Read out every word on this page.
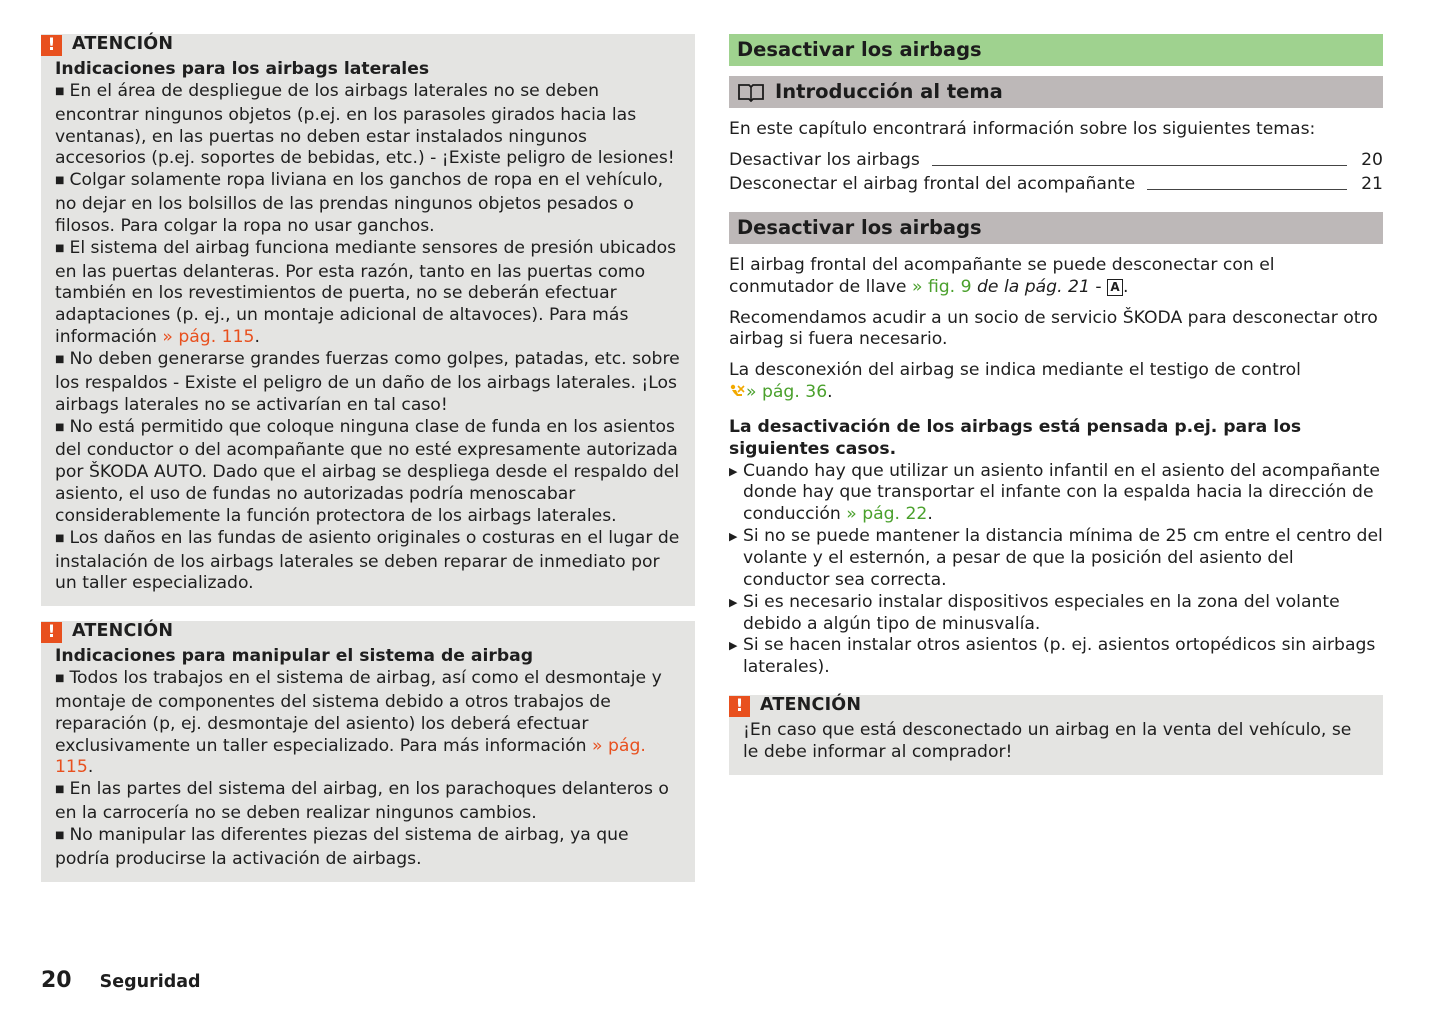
! ATENCIÓN

Indicaciones para los airbags laterales

■ En el área de despliegue de los airbags laterales no se deben encontrar ningunos objetos (p.ej. en los parasoles girados hacia las ventanas), en las puertas no deben estar instalados ningunos accesorios (p.ej. soportes de bebidas, etc.) - ¡Existe peligro de lesiones!

■ Colgar solamente ropa liviana en los ganchos de ropa en el vehículo, no dejar en los bolsillos de las prendas ningunos objetos pesados o filosos. Para colgar la ropa no usar ganchos.

■ El sistema del airbag funciona mediante sensores de presión ubicados en las puertas delanteras. Por esta razón, tanto en las puertas como también en los revestimientos de puerta, no se deberán efectuar adaptaciones (p. ej., un montaje adicional de altavoces). Para más información » pág. 115.

■ No deben generarse grandes fuerzas como golpes, patadas, etc. sobre los respaldos - Existe el peligro de un daño de los airbags laterales. ¡Los airbags laterales no se activarían en tal caso!

■ No está permitido que coloque ninguna clase de funda en los asientos del conductor o del acompañante que no esté expresamente autorizada por ŠKODA AUTO. Dado que el airbag se despliega desde el respaldo del asiento, el uso de fundas no autorizadas podría menoscabar considerablemente la función protectora de los airbags laterales.

■ Los daños en las fundas de asiento originales o costuras en el lugar de instalación de los airbags laterales se deben reparar de inmediato por un taller especializado.

! ATENCIÓN

Indicaciones para manipular el sistema de airbag

■ Todos los trabajos en el sistema de airbag, así como el desmontaje y montaje de componentes del sistema debido a otros trabajos de reparación (p, ej. desmontaje del asiento) los deberá efectuar exclusivamente un taller especializado. Para más información » pág. 115.

■ En las partes del sistema del airbag, en los parachoques delanteros o en la carrocería no se deben realizar ningunos cambios.

■ No manipular las diferentes piezas del sistema de airbag, ya que podría producirse la activación de airbags.

Desactivar los airbags
Introducción al tema

En este capítulo encontrará información sobre los siguientes temas:

Desactivar los airbags	20
Desconectar el airbag frontal del acompañante	21
Desactivar los airbags

El airbag frontal del acompañante se puede desconectar con el conmutador de llave » fig. 9 de la pág. 21 - A .

Recomendamos acudir a un socio de servicio ŠKODA para desconectar otro airbag si fuera necesario.

La desconexión del airbag se indica mediante el testigo de control
» pág. 36.

La desactivación de los airbags está pensada p.ej. para los siguientes casos.

▶ Cuando hay que utilizar un asiento infantil en el asiento del acompañante donde hay que transportar el infante con la espalda hacia la dirección de conducción » pág. 22.
▶ Si no se puede mantener la distancia mínima de 25 cm entre el centro del volante y el esternón, a pesar de que la posición del asiento del conductor sea correcta.
▶ Si es necesario instalar dispositivos especiales en la zona del volante debido a algún tipo de minusvalía.
▶ Si se hacen instalar otros asientos (p. ej. asientos ortopédicos sin airbags laterales).
! ATENCIÓN

¡En caso que está desconectado un airbag en la venta del vehículo, se le debe informar al comprador!

20 Seguridad
